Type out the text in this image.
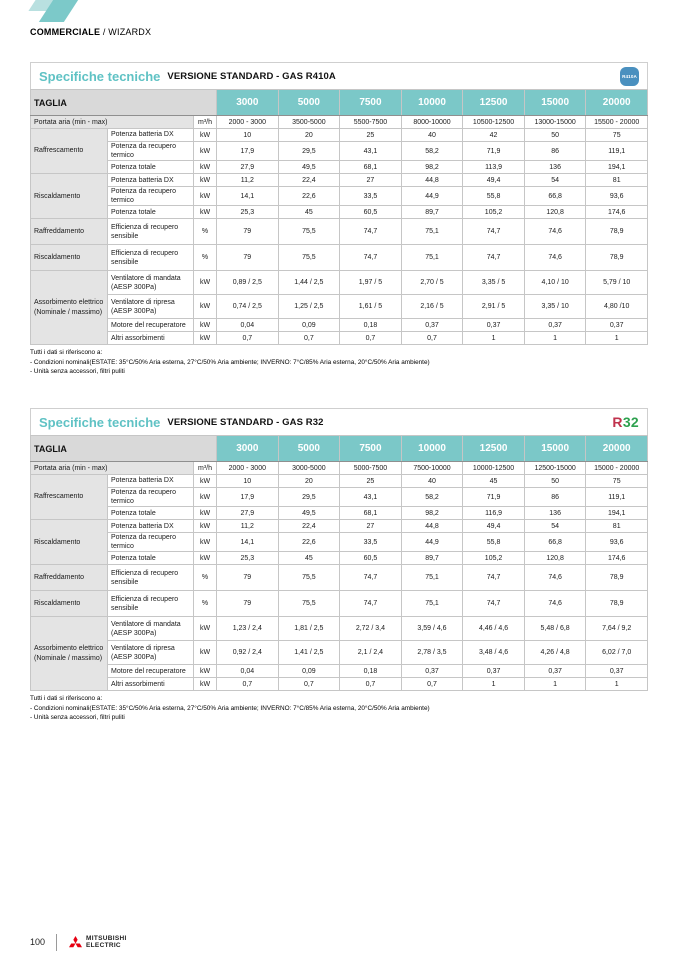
COMMERCIALE / WIZARDX
Specifiche tecniche VERSIONE STANDARD - GAS R410A	R410A
TAGLIA			3000	5000	7500	10000	12500	15000	20000
Portata aria (min - max)		m³/h	2000 - 3000	3500-5000	5500-7500	8000-10000	10500-12500	13000-15000	15500 - 20000
Raffrescamento	Potenza batteria DX	kW	10	20	25	40	42	50	75
	Potenza da recupero termico	kW	17,9	29,5	43,1	58,2	71,9	86	119,1
	Potenza totale	kW	27,9	49,5	68,1	98,2	113,9	136	194,1
Riscaldamento	Potenza batteria DX	kW	11,2	22,4	27	44,8	49,4	54	81
	Potenza da recupero termico	kW	14,1	22,6	33,5	44,9	55,8	66,8	93,6
	Potenza totale	kW	25,3	45	60,5	89,7	105,2	120,8	174,6
Raffreddamento	Efficienza di recupero sensibile	%	79	75,5	74,7	75,1	74,7	74,6	78,9
Riscaldamento	Efficienza di recupero sensibile	%	79	75,5	74,7	75,1	74,7	74,6	78,9
Assorbimento elettrico (Nominale / massimo)	Ventilatore di mandata (AESP 300Pa)	kW	0,89 / 2,5	1,44 / 2,5	1,97 / 5	2,70 / 5	3,35 / 5	4,10 / 10	5,79 / 10
	Ventilatore di ripresa (AESP 300Pa)	kW	0,74 / 2,5	1,25 / 2,5	1,61 / 5	2,16 / 5	2,91 / 5	3,35 / 10	4,80 /10
	Motore del recuperatore	kW	0,04	0,09	0,18	0,37	0,37	0,37	0,37
	Altri assorbimenti	kW	0,7	0,7	0,7	0,7	1	1	1
Tutti i dati si riferiscono a:
- Condizioni nominali(ESTATE: 35°C/50% Aria esterna, 27°C/50% Aria ambiente; INVERNO: 7°C/85% Aria esterna, 20°C/50% Aria ambiente)
- Unità senza accessori, filtri puliti
Specifiche tecniche VERSIONE STANDARD - GAS R32	R32
TAGLIA			3000	5000	7500	10000	12500	15000	20000
Portata aria (min - max)		m³/h	2000 - 3000	3000-5000	5000-7500	7500-10000	10000-12500	12500-15000	15000 - 20000
Raffrescamento	Potenza batteria DX	kW	10	20	25	40	45	50	75
	Potenza da recupero termico	kW	17,9	29,5	43,1	58,2	71,9	86	119,1
	Potenza totale	kW	27,9	49,5	68,1	98,2	116,9	136	194,1
Riscaldamento	Potenza batteria DX	kW	11,2	22,4	27	44,8	49,4	54	81
	Potenza da recupero termico	kW	14,1	22,6	33,5	44,9	55,8	66,8	93,6
	Potenza totale	kW	25,3	45	60,5	89,7	105,2	120,8	174,6
Raffreddamento	Efficienza di recupero sensibile	%	79	75,5	74,7	75,1	74,7	74,6	78,9
Riscaldamento	Efficienza di recupero sensibile	%	79	75,5	74,7	75,1	74,7	74,6	78,9
Assorbimento elettrico (Nominale / massimo)	Ventilatore di mandata (AESP 300Pa)	kW	1,23 / 2,4	1,81 / 2,5	2,72 / 3,4	3,59 / 4,6	4,46 / 4,6	5,48 / 6,8	7,64 / 9,2
	Ventilatore di ripresa (AESP 300Pa)	kW	0,92 / 2,4	1,41 / 2,5	2,1 / 2,4	2,78 / 3,5	3,48 / 4,6	4,26 / 4,8	6,02 / 7,0
	Motore del recuperatore	kW	0,04	0,09	0,18	0,37	0,37	0,37	0,37
	Altri assorbimenti	kW	0,7	0,7	0,7	0,7	1	1	1
Tutti i dati si riferiscono a:
- Condizioni nominali(ESTATE: 35°C/50% Aria esterna, 27°C/50% Aria ambiente; INVERNO: 7°C/85% Aria esterna, 20°C/50% Aria ambiente)
- Unità senza accessori, filtri puliti
100	MITSUBISHI
ELECTRIC
